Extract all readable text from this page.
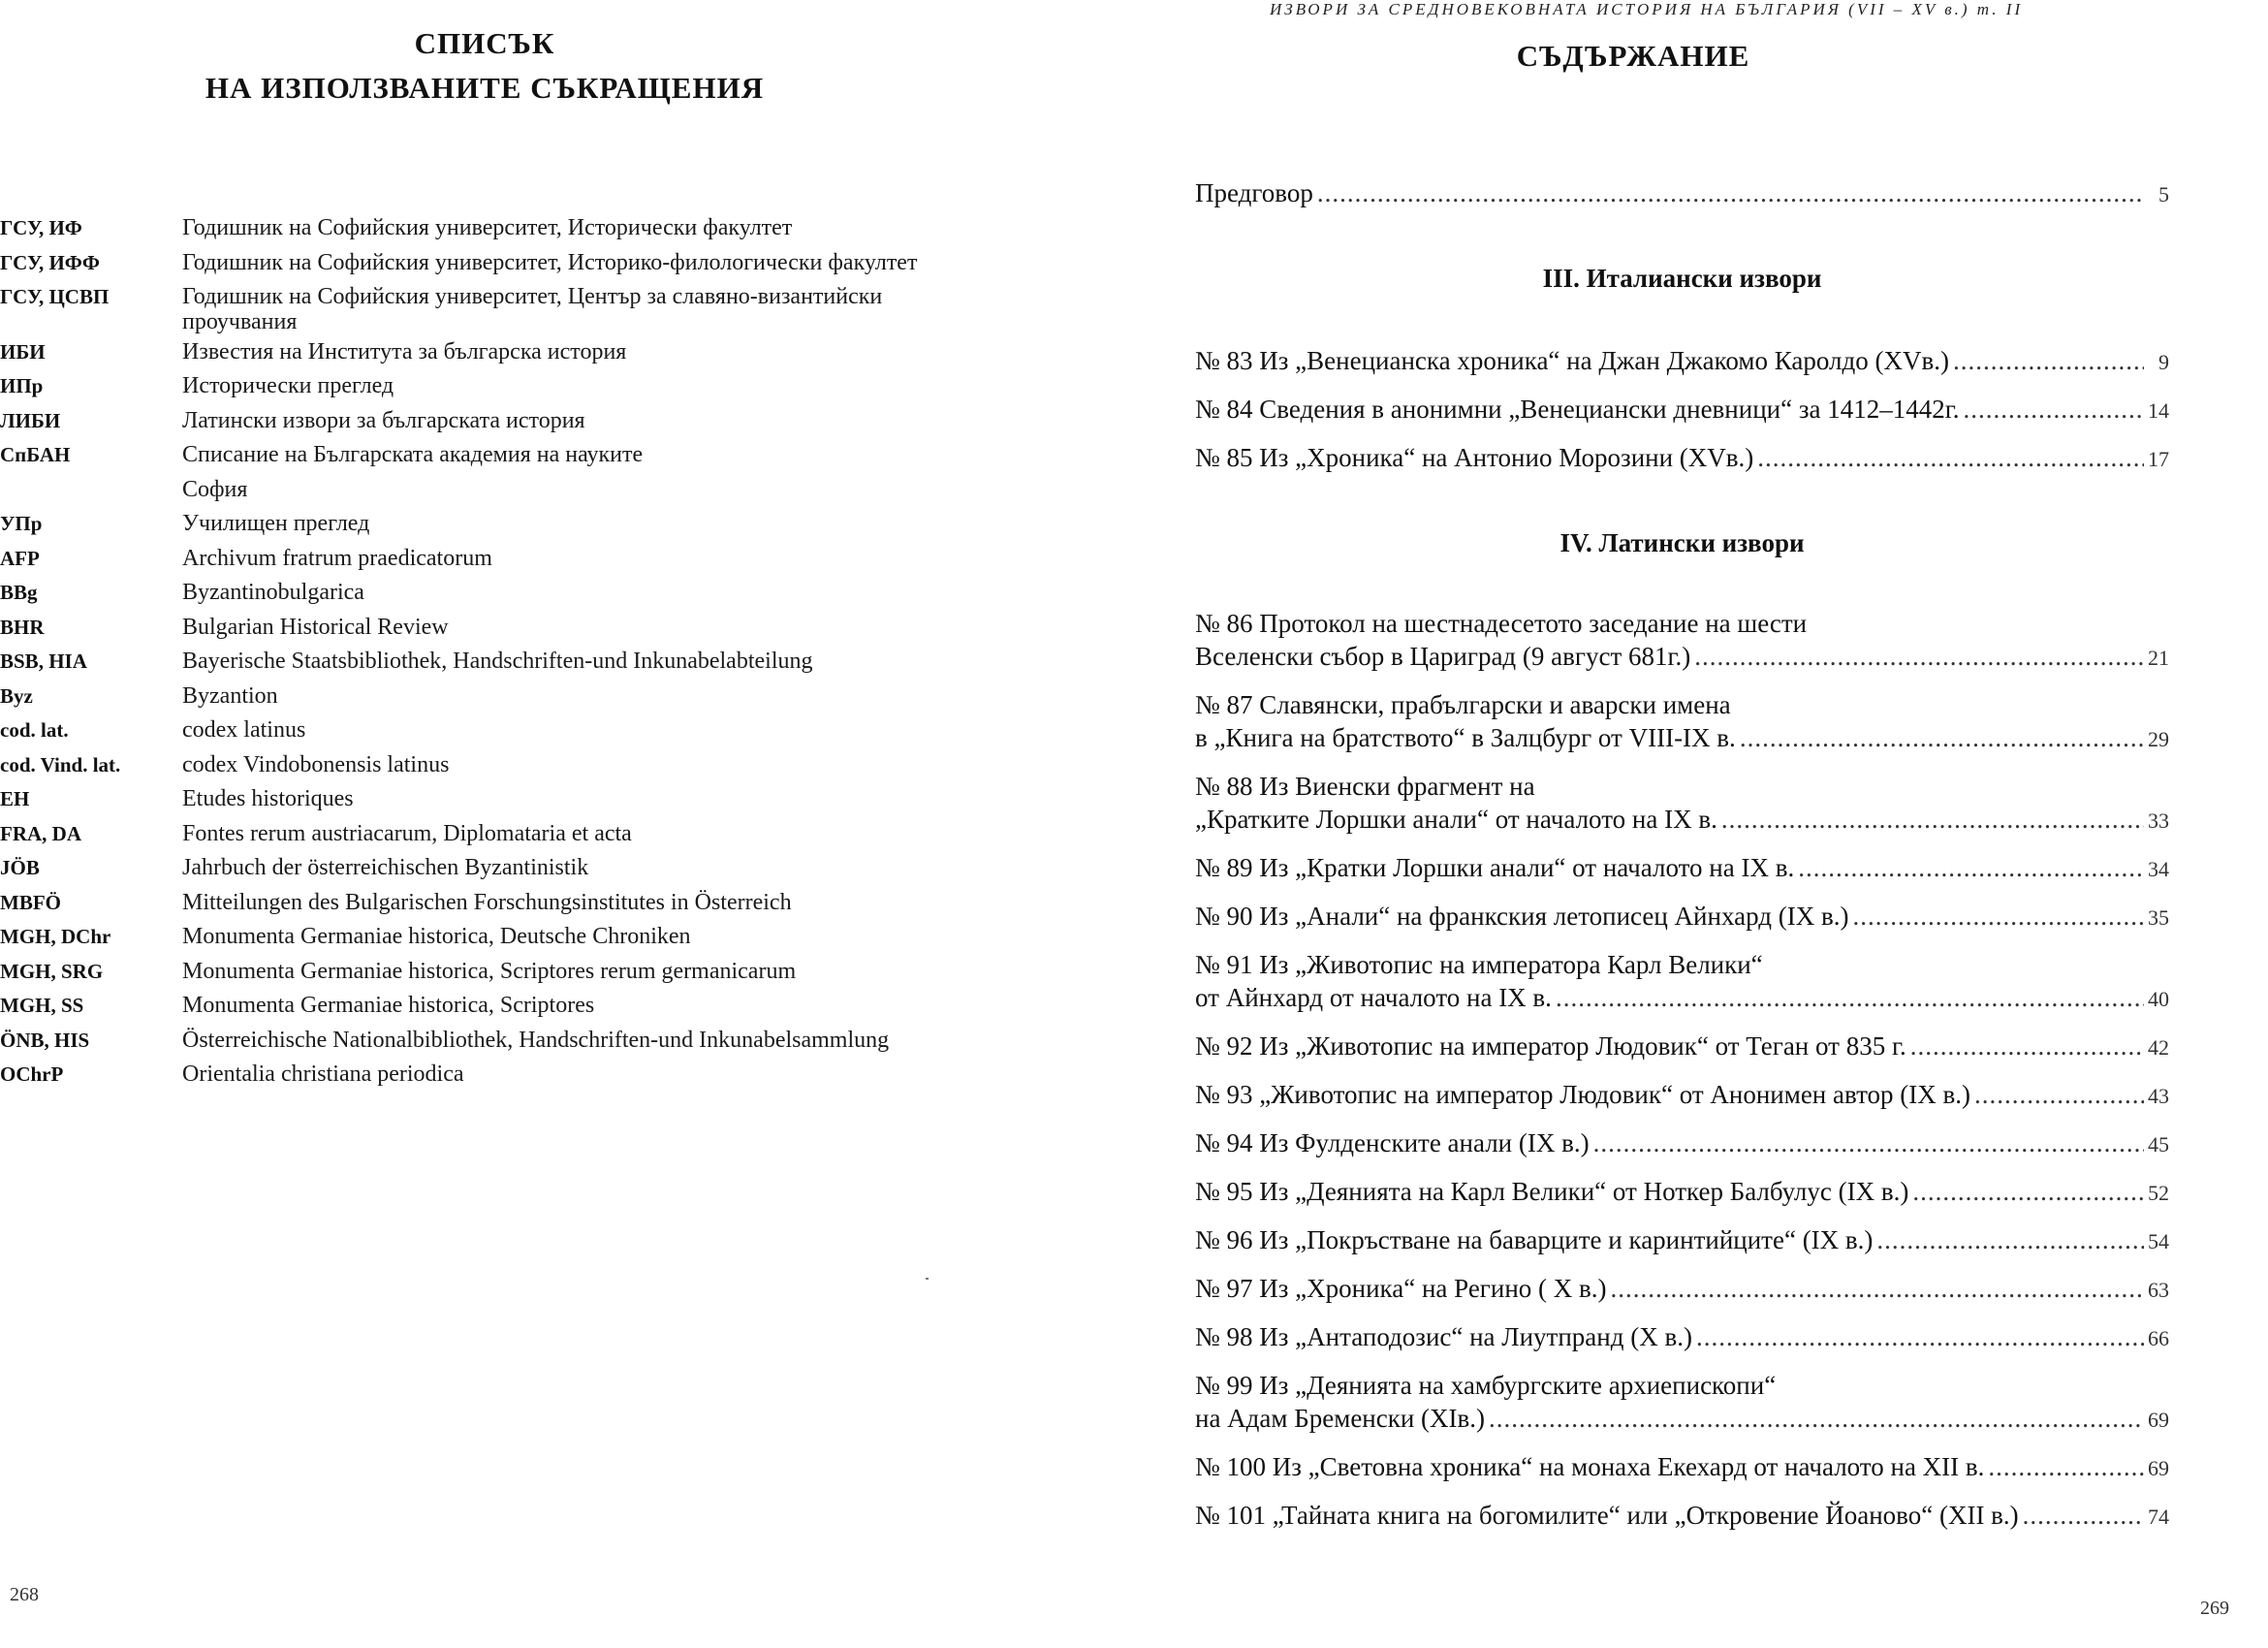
СПИСЪК
НА ИЗПОЛЗВАНИТЕ СЪКРАЩЕНИЯ
ГСУ, ИФ	Годишник на Софийския университет, Исторически факултет
ГСУ, ИФФ	Годишник на Софийския университет, Историко-филологически факултет
ГСУ, ЦСВП	Годишник на Софийския университет, Център за славяно-византийски
проучвания
ИБИ	Известия на Института за българска история
ИПр	Исторически преглед
ЛИБИ	Латински извори за българската история
СпБАН	Списание на Българската академия на науките
София
УПр	Училищен преглед
AFP	Archivum fratrum praedicatorum
BBg	Byzantinobulgarica
BHR	Bulgarian Historical Review
BSB, HIA	Bayerische Staatsbibliothek, Handschriften-und Inkunabelabteilung
Byz	Byzantion
cod. lat.	codex latinus
cod. Vind. lat.	codex Vindobonensis latinus
EH	Etudes historiques
FRA, DA	Fontes rerum austriacarum, Diplomataria et acta
JÖB	Jahrbuch der österreichischen Byzantinistik
MBFÖ	Mitteilungen des Bulgarischen Forschungsinstitutes in Österreich
MGH, DChr	Monumenta Germaniae historica, Deutsche Chroniken
MGH, SRG	Monumenta Germaniae historica, Scriptores rerum germanicarum
MGH, SS	Monumenta Germaniae historica, Scriptores
ÖNB, HIS	Österreichische Nationalbibliothek, Handschriften-und Inkunabelsammlung
OChrP	Orientalia christiana periodica
268
ИЗВОРИ ЗА СРЕДНОВЕКОВНАТА ИСТОРИЯ НА БЪЛГАРИЯ (VII – XV в.) т. II
СЪДЪРЖАНИЕ
Предговор .....	5
III. Италиански извори
№ 83 Из „Венецианска хроника“ на Джан Джакомо Каролдо (XVв.) .....	9
№ 84 Сведения в анонимни „Венециански дневници“ за 1412–1442г. .....	14
№ 85 Из „Хроника“ на Антонио Морозини (XVв.) .....	17
IV. Латински извори
№ 86 Протокол на шестнадесетото заседание на шести
Вселенски събор в Цариград (9 август 681г.) .....	21
№ 87 Славянски, прабългарски и аварски имена
в „Книга на братството“ в Залцбург от VIII-IX в. .....	29
№ 88 Из Виенски фрагмент на
„Кратките Лоршки анали“ от началото на IX в. .....	33
№ 89 Из „Кратки Лоршки анали“ от началото на IX в. .....	34
№ 90 Из „Анали“ на франкския летописец Айнхард (IX в.) .....	35
№ 91 Из „Животопис на императора Карл Велики“
от Айнхард от началото на IX в. .....	40
№ 92 Из „Животопис на император Людовик“ от Теган от 835 г. .....	42
№ 93 „Животопис на император Людовик“ от Анонимен автор (IX в.) .....	43
№ 94 Из Фулденските анали (IX в.) .....	45
№ 95 Из „Деянията на Карл Велики“ от Ноткер Балбулус (IX в.) .....	52
№ 96 Из „Покръстване на баварците и каринтийците“ (IX в.) .....	54
№ 97 Из „Хроника“ на Регино ( X в.) .....	63
№ 98 Из „Антаподозис“ на Лиутпранд (X в.) .....	66
№ 99 Из „Деянията на хамбургските архиепископи“
на Адам Бременски (XIв.) .....	69
№ 100 Из „Световна хроника“ на монаха Екехард от началото на XII в. .....	69
№ 101 „Тайната книга на богомилите“ или „Откровение Йоаново“ (XII в.) .....	74
269
